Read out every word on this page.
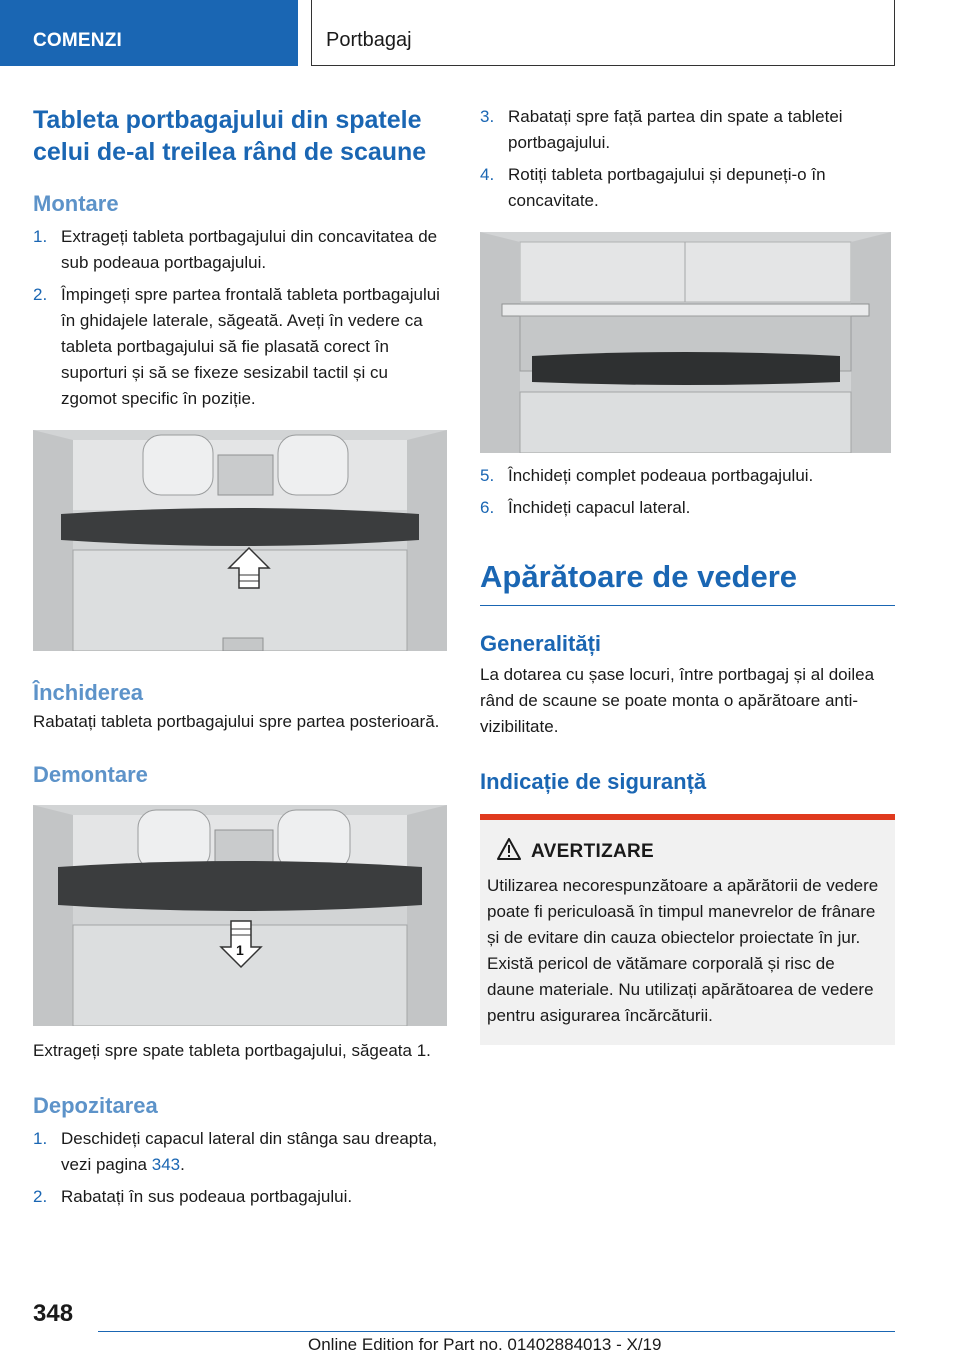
COMENZI	Portbagaj
Tableta portbagajului din spatele celui de-al treilea rând de scaune
Montare
1. Extrageți tableta portbagajului din concavitatea de sub podeaua portbagajului.
2. Împingeți spre partea frontală tableta portbagajului în ghidajele laterale, săgeată. Aveți în vedere ca tableta portbagajului să fie plasată corect în suporturi și să se fixeze sesizabil tactil și cu zgomot specific în poziție.
Închiderea

Rabatați tableta portbagajului spre partea posterioară.

Demontare
1

Extrageți spre spate tableta portbagajului, săgeata 1.

Depozitarea
1. Deschideți capacul lateral din stânga sau dreapta, vezi pagina 343.
2. Rabatați în sus podeaua portbagajului.
3. Rabatați spre față partea din spate a tabletei portbagajului.
4. Rotiți tableta portbagajului și depuneți-o în concavitate.
5. Închideți complet podeaua portbagajului.
6. Închideți capacul lateral.
Apărătoare de vedere
Generalități

La dotarea cu șase locuri, între portbagaj și al doilea rând de scaune se poate monta o apărătoare anti-vizibilitate.

Indicație de siguranță
AVERTIZARE

Utilizarea necorespunzătoare a apărătorii de vedere poate fi periculoasă în timpul manevrelor de frânare și de evitare din cauza obiectelor proiectate în jur. Există pericol de vătămare corporală și risc de daune materiale. Nu utilizați apărătoarea de vedere pentru asigurarea încărcăturii.

348
Online Edition for Part no. 01402884013 - X/19
